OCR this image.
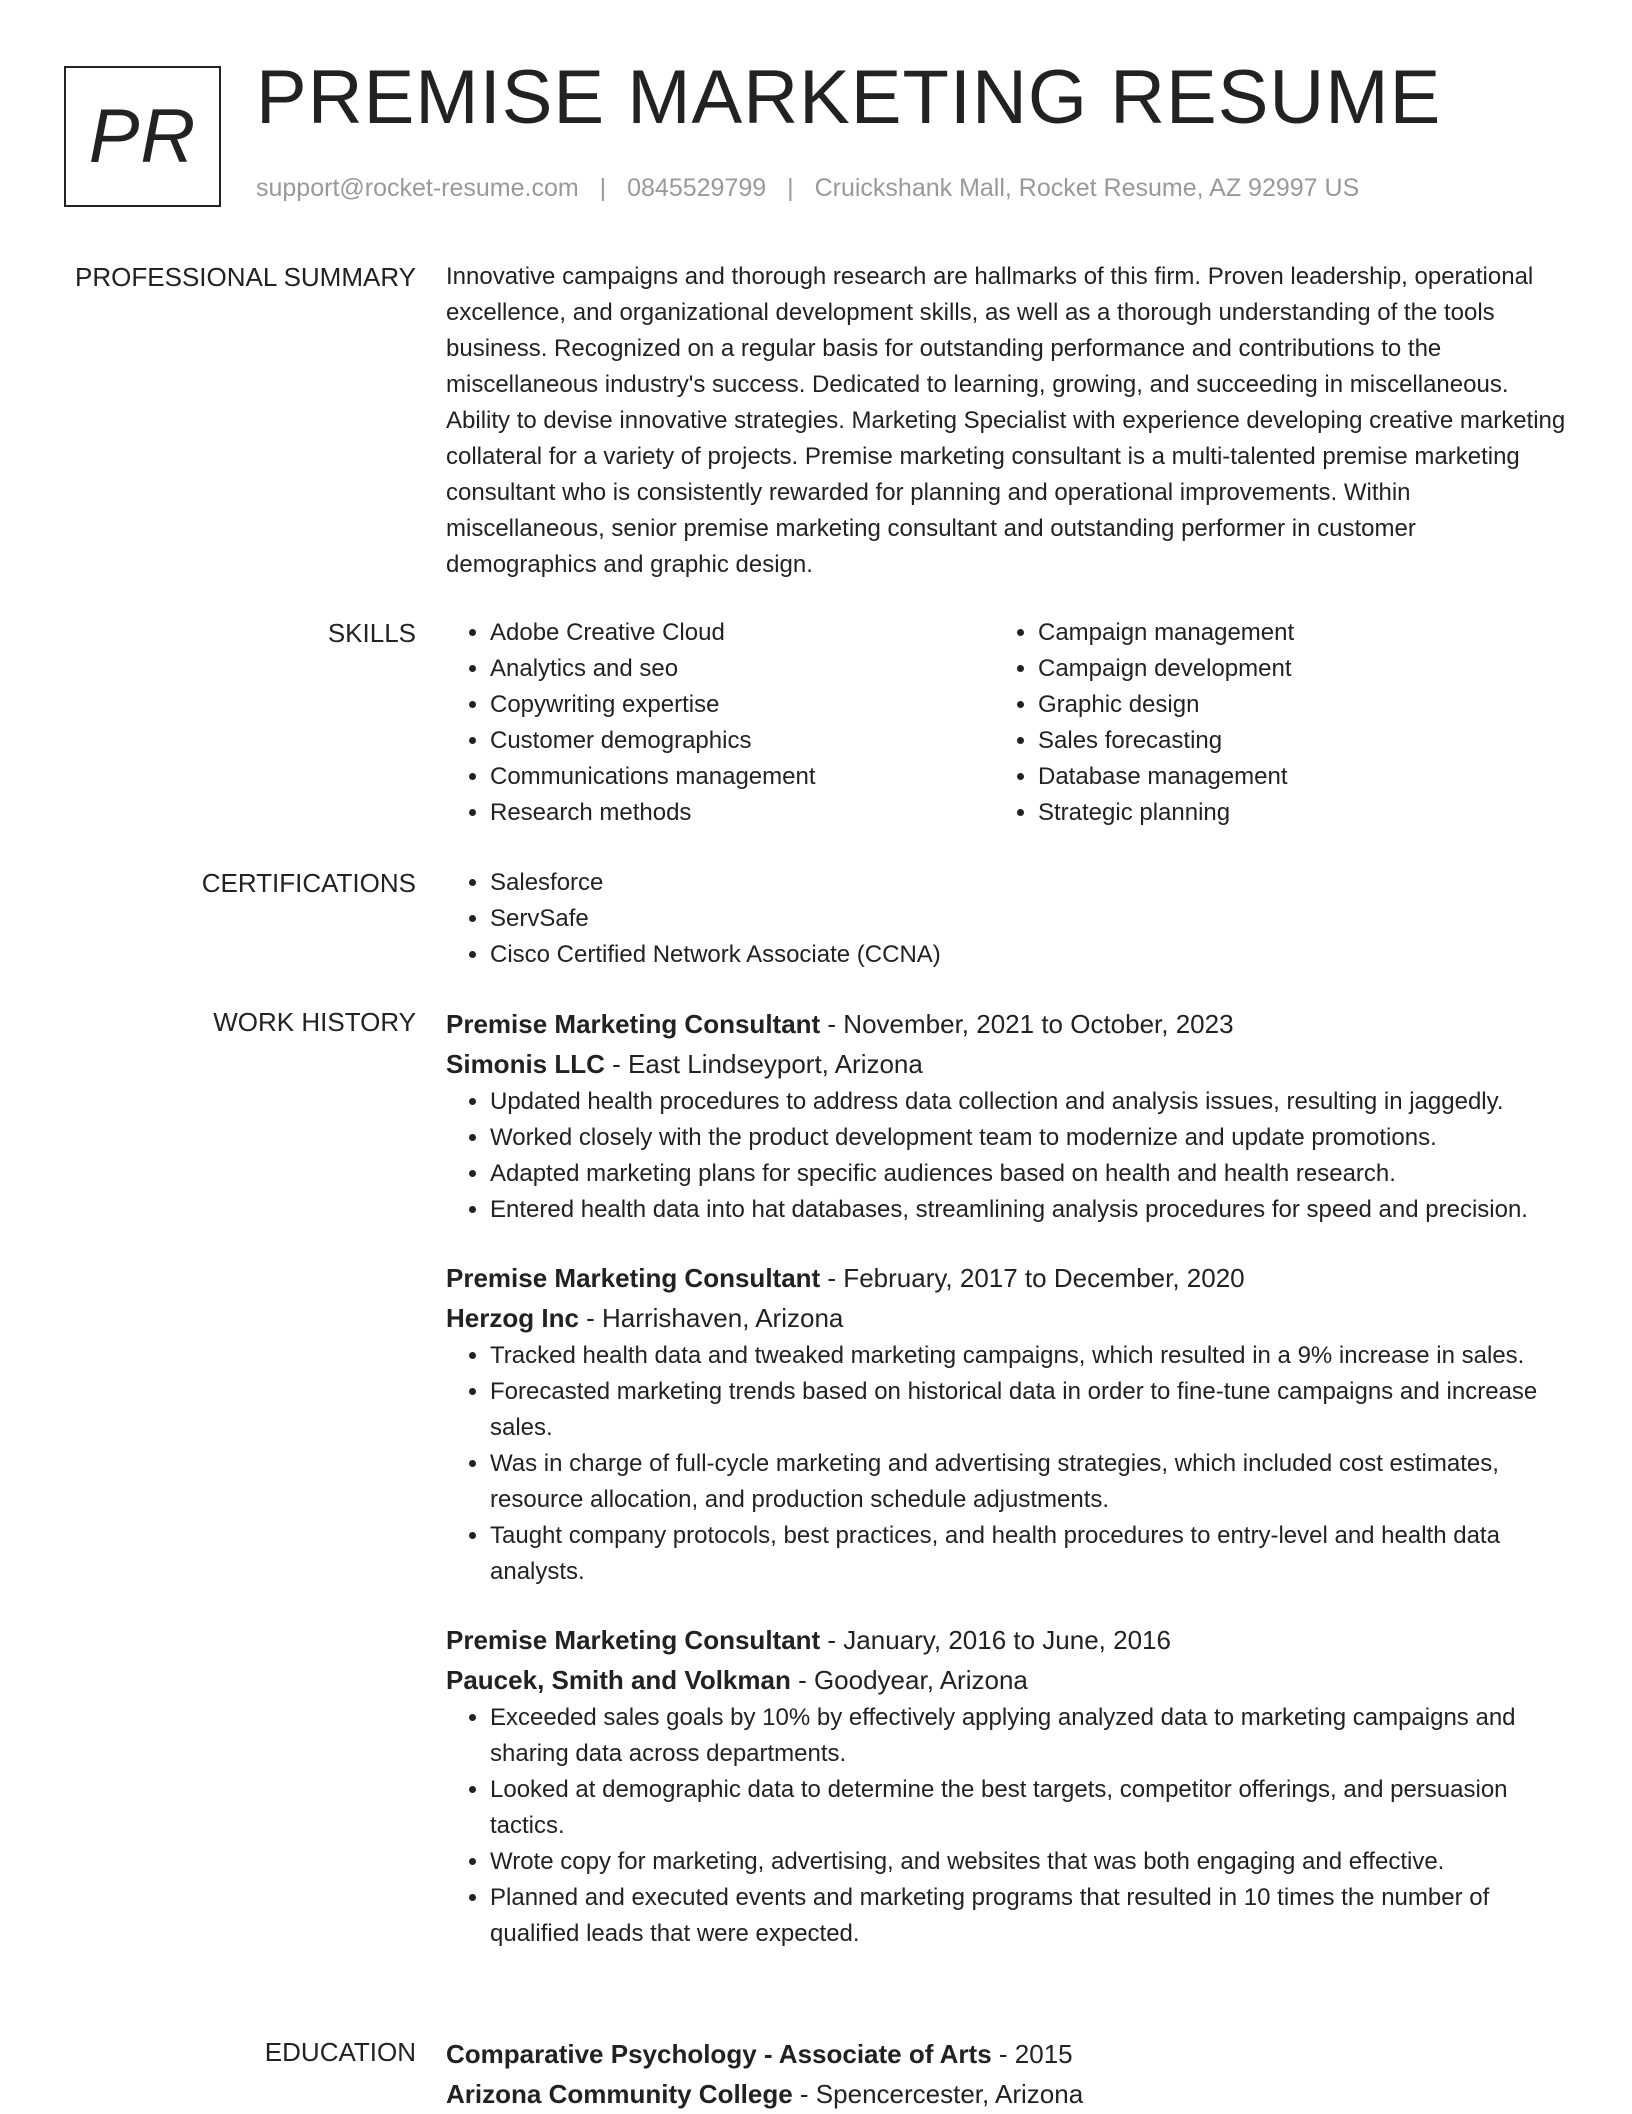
PR PREMISE MARKETING RESUME
support@rocket-resume.com | 0845529799 | Cruickshank Mall, Rocket Resume, AZ 92997 US
PROFESSIONAL SUMMARY Innovative campaigns and thorough research are hallmarks of this firm. Proven leadership, operational excellence, and organizational development skills, as well as a thorough understanding of the tools business. Recognized on a regular basis for outstanding performance and contributions to the miscellaneous industry's success. Dedicated to learning, growing, and succeeding in miscellaneous. Ability to devise innovative strategies. Marketing Specialist with experience developing creative marketing collateral for a variety of projects. Premise marketing consultant is a multi-talented premise marketing consultant who is consistently rewarded for planning and operational improvements. Within miscellaneous, senior premise marketing consultant and outstanding performer in customer demographics and graphic design.

SKILLS	• Adobe Creative Cloud
• Analytics and seo
• Copywriting expertise
• Customer demographics
• Communications management
• Research methods
• Campaign management
• Campaign development
• Graphic design
• Sales forecasting
• Database management
• Strategic planning
CERTIFICATIONS	• Salesforce
• ServSafe
• Cisco Certified Network Associate (CCNA)
WORK HISTORY Premise Marketing Consultant - November, 2021 to October, 2023
Simonis LLC - East Lindseyport, Arizona
• Updated health procedures to address data collection and analysis issues, resulting in jaggedly.
• Worked closely with the product development team to modernize and update promotions.
• Adapted marketing plans for specific audiences based on health and health research.
• Entered health data into hat databases, streamlining analysis procedures for speed and precision.
Premise Marketing Consultant - February, 2017 to December, 2020
Herzog Inc - Harrishaven, Arizona
• Tracked health data and tweaked marketing campaigns, which resulted in a 9% increase in sales.
• Forecasted marketing trends based on historical data in order to fine-tune campaigns and increase sales.
• Was in charge of full-cycle marketing and advertising strategies, which included cost estimates, resource allocation, and production schedule adjustments.
• Taught company protocols, best practices, and health procedures to entry-level and health data analysts.
Premise Marketing Consultant - January, 2016 to June, 2016
Paucek, Smith and Volkman - Goodyear, Arizona
• Exceeded sales goals by 10% by effectively applying analyzed data to marketing campaigns and sharing data across departments.
• Looked at demographic data to determine the best targets, competitor offerings, and persuasion tactics.
• Wrote copy for marketing, advertising, and websites that was both engaging and effective.
• Planned and executed events and marketing programs that resulted in 10 times the number of qualified leads that were expected.
EDUCATION Comparative Psychology - Associate of Arts - 2015
Arizona Community College - Spencercester, Arizona
